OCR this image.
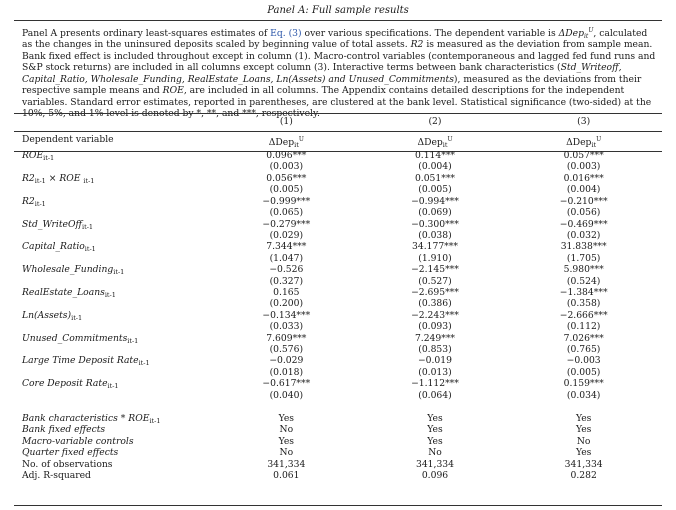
Panel A: Full sample results
Panel A presents ordinary least-squares estimates of Eq. (3) over various specifications. The dependent variable is ΔDep$_{it}^U$, calculated as the changes in the uninsured deposits scaled by beginning value of total assets. R2 is measured as the deviation from sample mean. Bank fixed effect is included throughout except in column (1). Macro-control variables (contemporaneous and lagged fed fund runs and S&P stock returns) are included in all columns except column (3). Interactive terms between bank characteristics (Std_Writeoff, Capital_Ratio, Wholesale_Funding, RealEstate_Loans, Ln(Assets) and Unused_Commitments), measured as the deviations from their respective sample means and ROE, are included in all columns. The Appendix contains detailed descriptions for the independent variables. Standard error estimates, reported in parentheses, are clustered at the bank level. Statistical significance (two-sided) at the 10%, 5%, and 1% level is denoted by *, **, and ***, respectively.
	(1)	(2)	(3)
Dependent variable	ΔDep$_{it}^U$	ΔDep$_{it}^U$	ΔDep$_{it}^U$
$ROE_{it-1}$	0.096***	0.114***	0.057***
	(0.003)	(0.004)	(0.003)
$R2_{it-1}$ × ROE $_{it-1}$	0.056***	0.051***	0.016***
	(0.005)	(0.005)	(0.004)
$R2_{it-1}$	−0.999***	−0.994***	−0.210***
	(0.065)	(0.069)	(0.056)
Std_WriteOff$_{it-1}$	−0.279***	−0.300***	−0.469***
	(0.029)	(0.038)	(0.032)
Capital_Ratio$_{it-1}$	7.344***	34.177***	31.838***
	(1.047)	(1.910)	(1.705)
Wholesale_Funding$_{it-1}$	−0.526	−2.145***	5.980***
	(0.327)	(0.527)	(0.524)
RealEstate_Loans$_{it-1}$	0.165	−2.695***	−1.384***
	(0.200)	(0.386)	(0.358)
$Ln(Assets)_{it-1}$	−0.134***	−2.243***	−2.666***
	(0.033)	(0.093)	(0.112)
Unused_Commitments$_{it-1}$	7.609***	7.249***	7.026***
	(0.576)	(0.853)	(0.765)
Large Time Deposit Rate$_{it-1}$	−0.029	−0.019	−0.003
	(0.018)	(0.013)	(0.005)
Core Deposit Rate$_{it-1}$	−0.617***	−1.112***	0.159***
	(0.040)	(0.064)	(0.034)

Bank characteristics * $ROE_{it-1}$	Yes	Yes	Yes
Bank fixed effects	No	Yes	Yes
Macro-variable controls	Yes	Yes	No
Quarter fixed effects	No	No	Yes
No. of observations	341,334	341,334	341,334
Adj. R-squared	0.061	0.096	0.282
